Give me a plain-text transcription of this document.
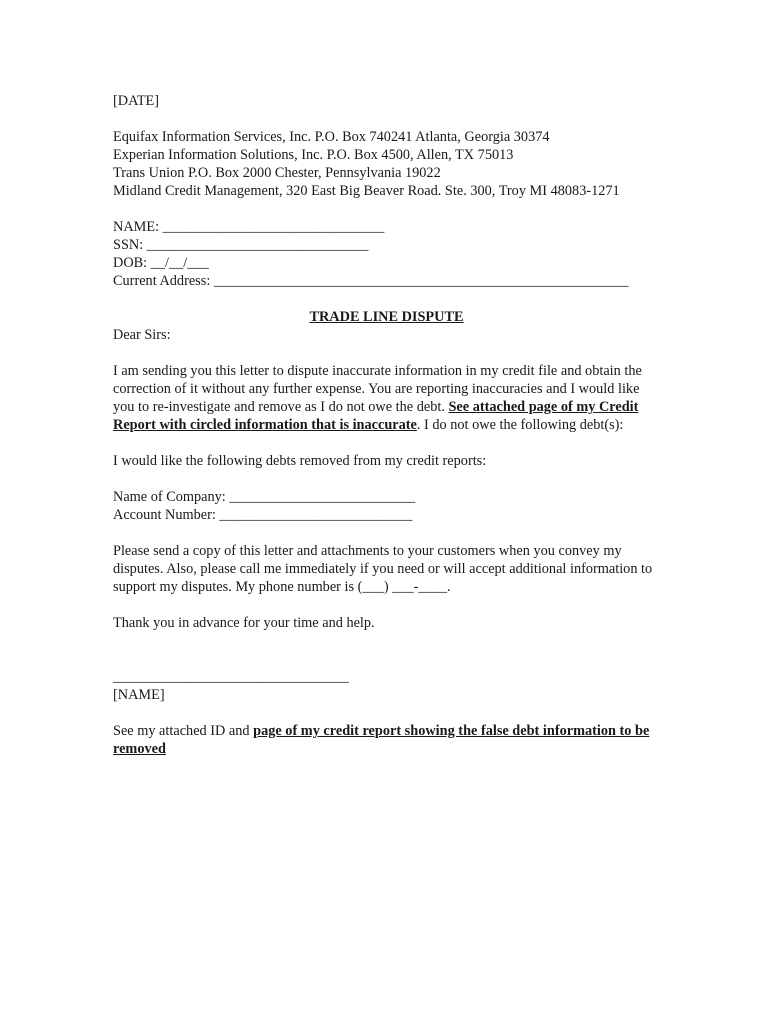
[DATE]
Equifax Information Services, Inc. P.O. Box 740241 Atlanta, Georgia 30374
Experian Information Solutions, Inc. P.O. Box 4500, Allen, TX 75013
Trans Union P.O. Box 2000 Chester, Pennsylvania 19022
Midland Credit Management, 320 East Big Beaver Road. Ste. 300, Troy MI 48083-1271
NAME: _______________________________
SSN: _______________________________
DOB: __/__/___
Current Address: __________________________________________________________
TRADE LINE DISPUTE
Dear Sirs:

I am sending you this letter to dispute inaccurate information in my credit file and obtain the correction of it without any further expense. You are reporting inaccuracies and I would like you to re-investigate and remove as I do not owe the debt. See attached page of my Credit Report with circled information that is inaccurate. I do not owe the following debt(s):

I would like the following debts removed from my credit reports:
Name of Company: __________________________
Account Number: ___________________________

Please send a copy of this letter and attachments to your customers when you convey my disputes. Also, please call me immediately if you need or will accept additional information to support my disputes. My phone number is (___) ___-____.

Thank you in advance for your time and help.
_________________________________
[NAME]

See my attached ID and page of my credit report showing the false debt information to be removed
